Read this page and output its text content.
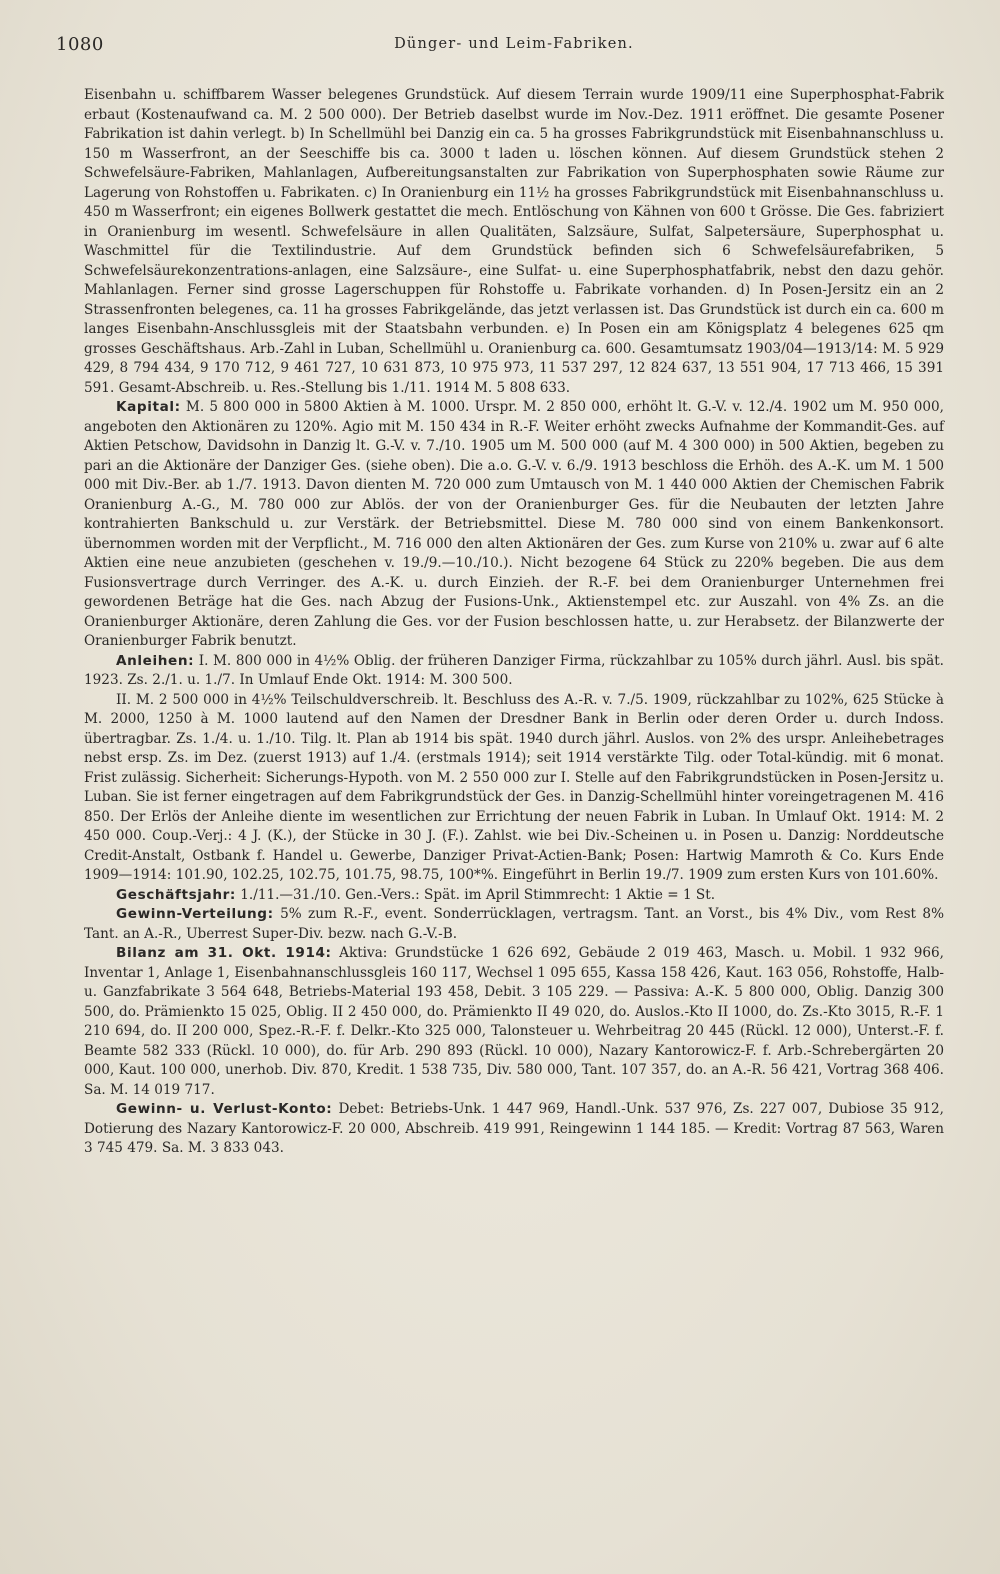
1080	Dünger- und Leim-Fabriken.

Eisenbahn u. schiffbarem Wasser belegenes Grundstück. Auf diesem Terrain wurde 1909/11 eine Superphosphat-Fabrik erbaut (Kostenaufwand ca. M. 2 500 000). Der Betrieb daselbst wurde im Nov.-Dez. 1911 eröffnet. Die gesamte Posener Fabrikation ist dahin verlegt. b) In Schellmühl bei Danzig ein ca. 5 ha grosses Fabrikgrundstück mit Eisenbahnanschluss u. 150 m Wasserfront, an der Seeschiffe bis ca. 3000 t laden u. löschen können. Auf diesem Grundstück stehen 2 Schwefelsäure-Fabriken, Mahlanlagen, Aufbereitungsanstalten zur Fabrikation von Superphosphaten sowie Räume zur Lagerung von Rohstoffen u. Fabrikaten. c) In Oranienburg ein 11½ ha grosses Fabrikgrundstück mit Eisenbahnanschluss u. 450 m Wasserfront; ein eigenes Bollwerk gestattet die mech. Entlöschung von Kähnen von 600 t Grösse. Die Ges. fabriziert in Oranienburg im wesentl. Schwefelsäure in allen Qualitäten, Salzsäure, Sulfat, Salpetersäure, Superphosphat u. Waschmittel für die Textilindustrie. Auf dem Grundstück befinden sich 6 Schwefelsäurefabriken, 5 Schwefelsäurekonzentrations-anlagen, eine Salzsäure-, eine Sulfat- u. eine Superphosphatfabrik, nebst den dazu gehör. Mahlanlagen. Ferner sind grosse Lagerschuppen für Rohstoffe u. Fabrikate vorhanden. d) In Posen-Jersitz ein an 2 Strassenfronten belegenes, ca. 11 ha grosses Fabrikgelände, das jetzt verlassen ist. Das Grundstück ist durch ein ca. 600 m langes Eisenbahn-Anschlussgleis mit der Staatsbahn verbunden. e) In Posen ein am Königsplatz 4 belegenes 625 qm grosses Geschäftshaus. Arb.-Zahl in Luban, Schellmühl u. Oranienburg ca. 600. Gesamtumsatz 1903/04—1913/14: M. 5 929 429, 8 794 434, 9 170 712, 9 461 727, 10 631 873, 10 975 973, 11 537 297, 12 824 637, 13 551 904, 17 713 466, 15 391 591. Gesamt-Abschreib. u. Res.-Stellung bis 1./11. 1914 M. 5 808 633.

Kapital: M. 5 800 000 in 5800 Aktien à M. 1000. Urspr. M. 2 850 000, erhöht lt. G.-V. v. 12./4. 1902 um M. 950 000, angeboten den Aktionären zu 120%. Agio mit M. 150 434 in R.-F. Weiter erhöht zwecks Aufnahme der Kommandit-Ges. auf Aktien Petschow, Davidsohn in Danzig lt. G.-V. v. 7./10. 1905 um M. 500 000 (auf M. 4 300 000) in 500 Aktien, begeben zu pari an die Aktionäre der Danziger Ges. (siehe oben). Die a.o. G.-V. v. 6./9. 1913 beschloss die Erhöh. des A.-K. um M. 1 500 000 mit Div.-Ber. ab 1./7. 1913. Davon dienten M. 720 000 zum Umtausch von M. 1 440 000 Aktien der Chemischen Fabrik Oranienburg A.-G., M. 780 000 zur Ablös. der von der Oranienburger Ges. für die Neubauten der letzten Jahre kontrahierten Bankschuld u. zur Verstärk. der Betriebsmittel. Diese M. 780 000 sind von einem Bankenkonsort. übernommen worden mit der Verpflicht., M. 716 000 den alten Aktionären der Ges. zum Kurse von 210% u. zwar auf 6 alte Aktien eine neue anzubieten (geschehen v. 19./9.—10./10.). Nicht bezogene 64 Stück zu 220% begeben. Die aus dem Fusionsvertrage durch Verringer. des A.-K. u. durch Einzieh. der R.-F. bei dem Oranienburger Unternehmen frei gewordenen Beträge hat die Ges. nach Abzug der Fusions-Unk., Aktienstempel etc. zur Auszahl. von 4% Zs. an die Oranienburger Aktionäre, deren Zahlung die Ges. vor der Fusion beschlossen hatte, u. zur Herabsetz. der Bilanzwerte der Oranienburger Fabrik benutzt.

Anleihen: I. M. 800 000 in 4½% Oblig. der früheren Danziger Firma, rückzahlbar zu 105% durch jährl. Ausl. bis spät. 1923. Zs. 2./1. u. 1./7. In Umlauf Ende Okt. 1914: M. 300 500.

II. M. 2 500 000 in 4½% Teilschuldverschreib. lt. Beschluss des A.-R. v. 7./5. 1909, rückzahlbar zu 102%, 625 Stücke à M. 2000, 1250 à M. 1000 lautend auf den Namen der Dresdner Bank in Berlin oder deren Order u. durch Indoss. übertragbar. Zs. 1./4. u. 1./10. Tilg. lt. Plan ab 1914 bis spät. 1940 durch jährl. Auslos. von 2% des urspr. Anleihebetrages nebst ersp. Zs. im Dez. (zuerst 1913) auf 1./4. (erstmals 1914); seit 1914 verstärkte Tilg. oder Total-kündig. mit 6 monat. Frist zulässig. Sicherheit: Sicherungs-Hypoth. von M. 2 550 000 zur I. Stelle auf den Fabrikgrundstücken in Posen-Jersitz u. Luban. Sie ist ferner eingetragen auf dem Fabrikgrundstück der Ges. in Danzig-Schellmühl hinter voreingetragenen M. 416 850. Der Erlös der Anleihe diente im wesentlichen zur Errichtung der neuen Fabrik in Luban. In Umlauf Okt. 1914: M. 2 450 000. Coup.-Verj.: 4 J. (K.), der Stücke in 30 J. (F.). Zahlst. wie bei Div.-Scheinen u. in Posen u. Danzig: Norddeutsche Credit-Anstalt, Ostbank f. Handel u. Gewerbe, Danziger Privat-Actien-Bank; Posen: Hartwig Mamroth & Co. Kurs Ende 1909—1914: 101.90, 102.25, 102.75, 101.75, 98.75, 100*%. Eingeführt in Berlin 19./7. 1909 zum ersten Kurs von 101.60%.

Geschäftsjahr: 1./11.—31./10. Gen.-Vers.: Spät. im April Stimmrecht: 1 Aktie = 1 St.

Gewinn-Verteilung: 5% zum R.-F., event. Sonderrücklagen, vertragsm. Tant. an Vorst., bis 4% Div., vom Rest 8% Tant. an A.-R., Uberrest Super-Div. bezw. nach G.-V.-B.

Bilanz am 31. Okt. 1914: Aktiva: Grundstücke 1 626 692, Gebäude 2 019 463, Masch. u. Mobil. 1 932 966, Inventar 1, Anlage 1, Eisenbahnanschlussgleis 160 117, Wechsel 1 095 655, Kassa 158 426, Kaut. 163 056, Rohstoffe, Halb- u. Ganzfabrikate 3 564 648, Betriebs-Material 193 458, Debit. 3 105 229. — Passiva: A.-K. 5 800 000, Oblig. Danzig 300 500, do. Prämienkto 15 025, Oblig. II 2 450 000, do. Prämienkto II 49 020, do. Auslos.-Kto II 1000, do. Zs.-Kto 3015, R.-F. 1 210 694, do. II 200 000, Spez.-R.-F. f. Delkr.-Kto 325 000, Talonsteuer u. Wehrbeitrag 20 445 (Rückl. 12 000), Unterst.-F. f. Beamte 582 333 (Rückl. 10 000), do. für Arb. 290 893 (Rückl. 10 000), Nazary Kantorowicz-F. f. Arb.-Schrebergärten 20 000, Kaut. 100 000, unerhob. Div. 870, Kredit. 1 538 735, Div. 580 000, Tant. 107 357, do. an A.-R. 56 421, Vortrag 368 406. Sa. M. 14 019 717.

Gewinn- u. Verlust-Konto: Debet: Betriebs-Unk. 1 447 969, Handl.-Unk. 537 976, Zs. 227 007, Dubiose 35 912, Dotierung des Nazary Kantorowicz-F. 20 000, Abschreib. 419 991, Reingewinn 1 144 185. — Kredit: Vortrag 87 563, Waren 3 745 479. Sa. M. 3 833 043.
